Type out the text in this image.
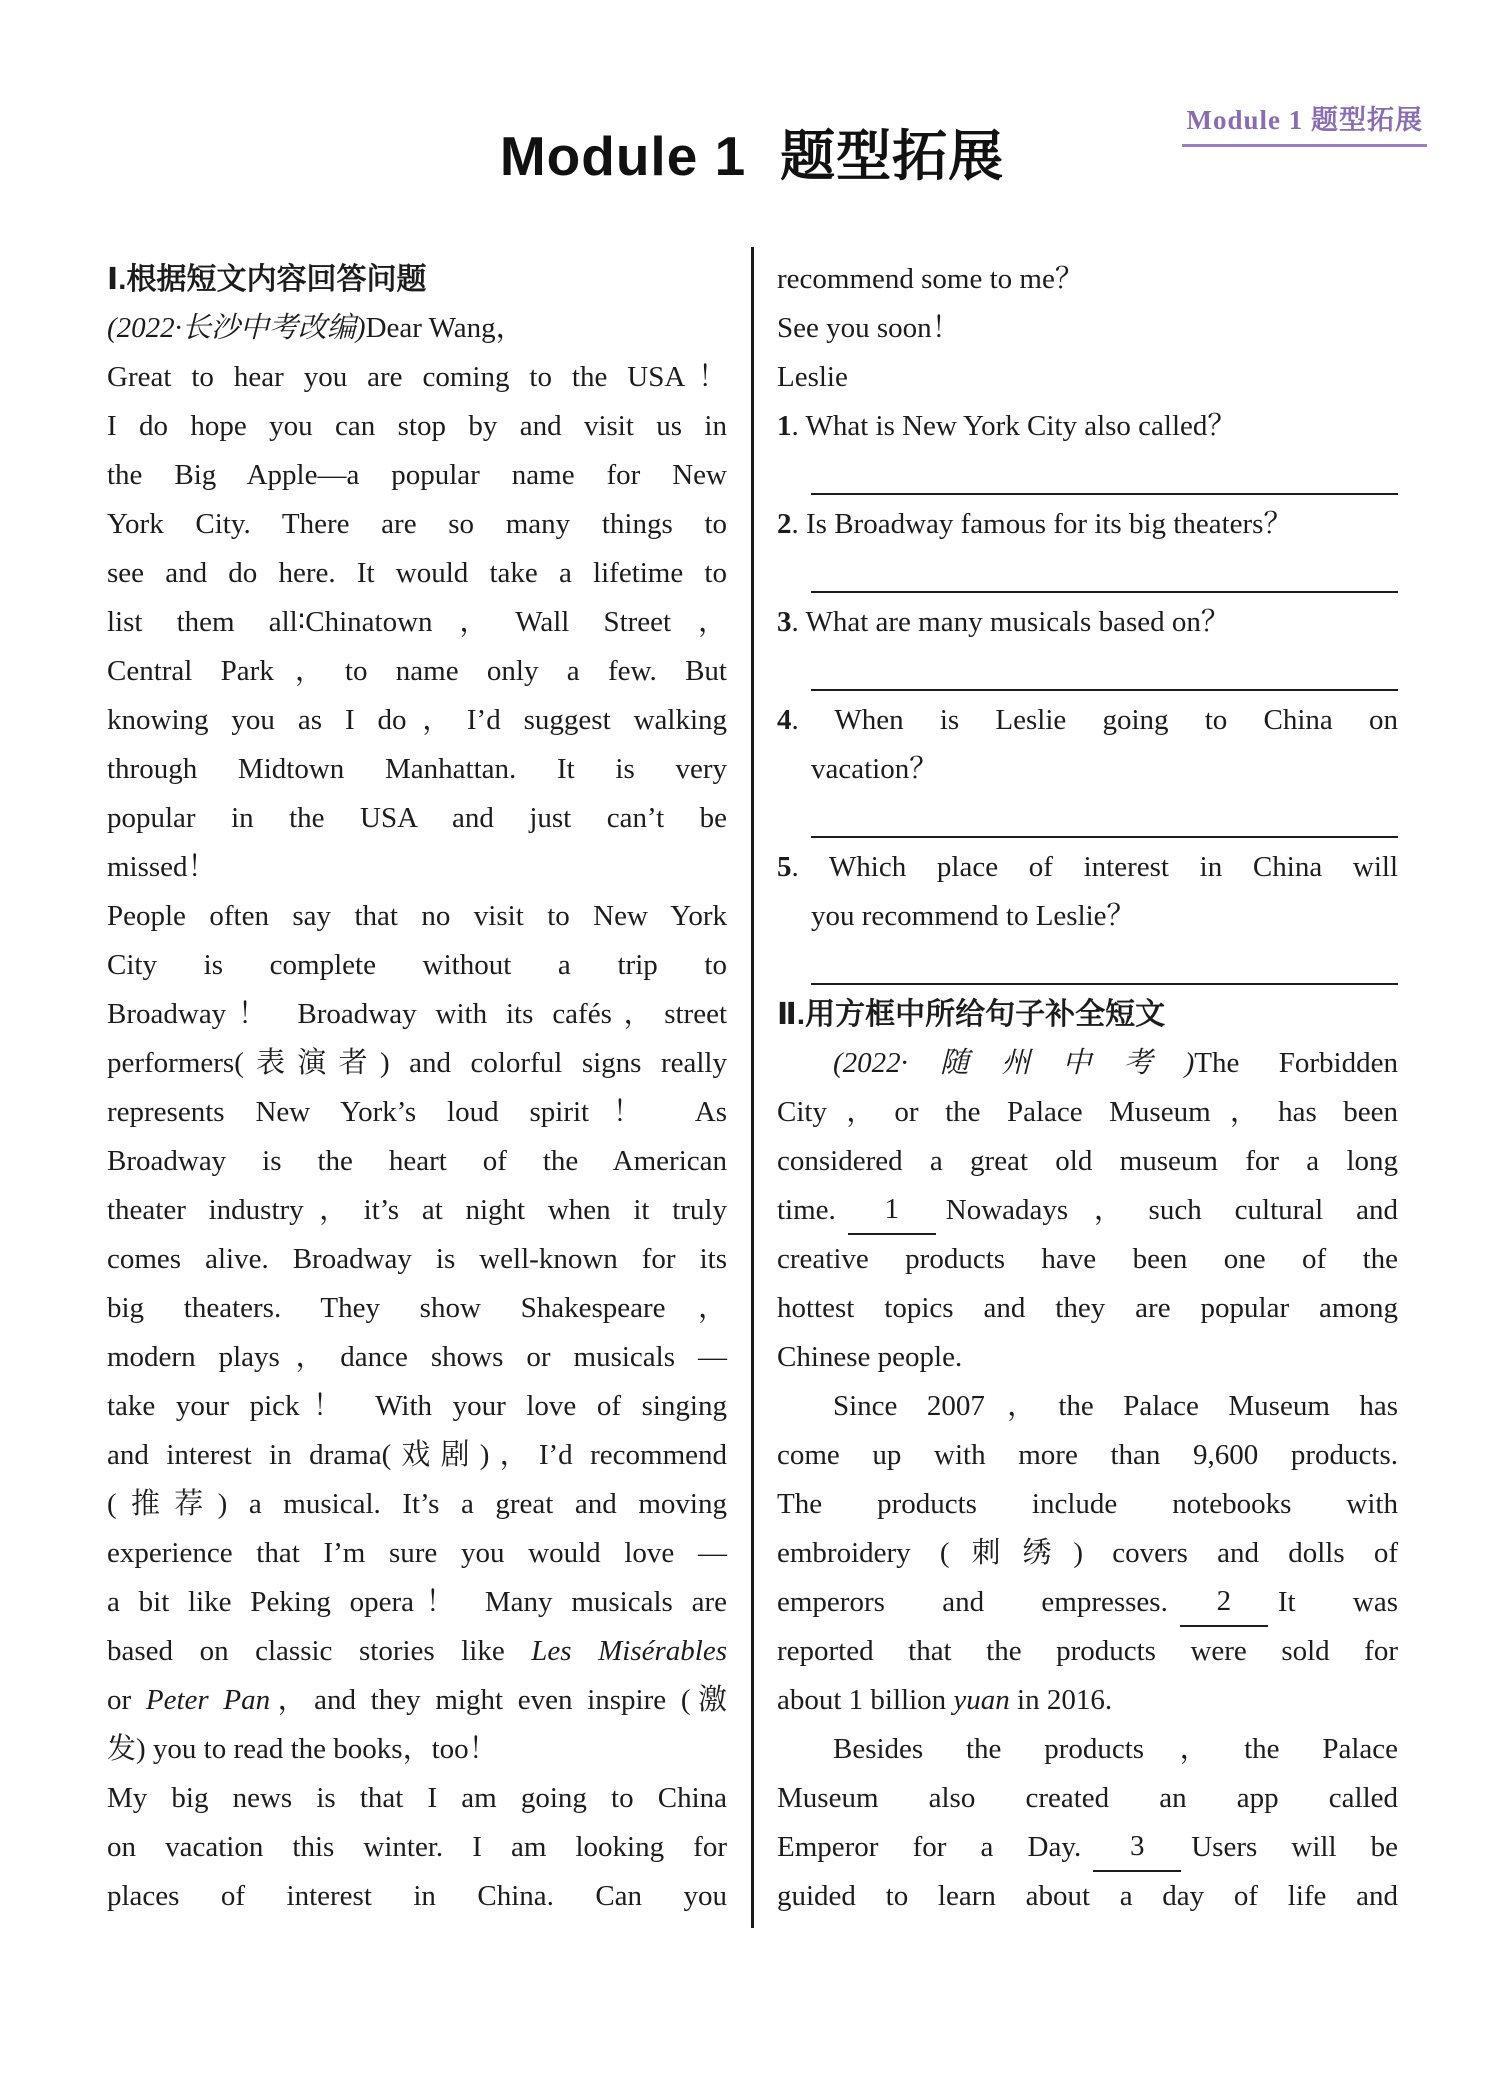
Module 1 题型拓展
Module 1 题型拓展
Ⅰ.根据短文内容回答问题
(2022·长沙中考改编)Dear Wang，
Great to hear you are coming to the USA！
I do hope you can stop by and visit us in
the Big Apple—a popular name for New
York City. There are so many things to
see and do here. It would take a lifetime to
list them all∶Chinatown，Wall Street，
Central Park，to name only a few. But
knowing you as I do，I’d suggest walking
through Midtown Manhattan. It is very
popular in the USA and just can’t be
missed！
People often say that no visit to New York
City is complete without a trip to
Broadway！ Broadway with its cafés，street
performers(表演者) and colorful signs really
represents New York’s loud spirit！ As
Broadway is the heart of the American
theater industry，it’s at night when it truly
comes alive. Broadway is well-known for its
big theaters. They show Shakespeare，
modern plays，dance shows or musicals —
take your pick！ With your love of singing
and interest in drama(戏剧)，I’d recommend
(推荐) a musical. It’s a great and moving
experience that I’m sure you would love —
a bit like Peking opera！ Many musicals are
based on classic stories like Les Misérables
or Peter Pan，and they might even inspire (激
发) you to read the books，too！
My big news is that I am going to China
on vacation this winter. I am looking for
places of interest in China. Can you
recommend some to me？
See you soon！
Leslie
1. What is New York City also called？
2. Is Broadway famous for its big theaters？
3. What are many musicals based on？
4. When is Leslie going to China on
vacation？
5. Which place of interest in China will
you recommend to Leslie？
Ⅱ.用方框中所给句子补全短文
(2022·随州中考)The Forbidden
City，or the Palace Museum，has been
considered a great old museum for a long
time. 1 Nowadays，such cultural and
creative products have been one of the
hottest topics and they are popular among
Chinese people.
Since 2007，the Palace Museum has
come up with more than 9,600 products.
The products include notebooks with
embroidery (刺绣) covers and dolls of
emperors and empresses. 2 It was
reported that the products were sold for
about 1 billion yuan in 2016.
Besides the products，the Palace
Museum also created an app called
Emperor for a Day. 3 Users will be
guided to learn about a day of life and
